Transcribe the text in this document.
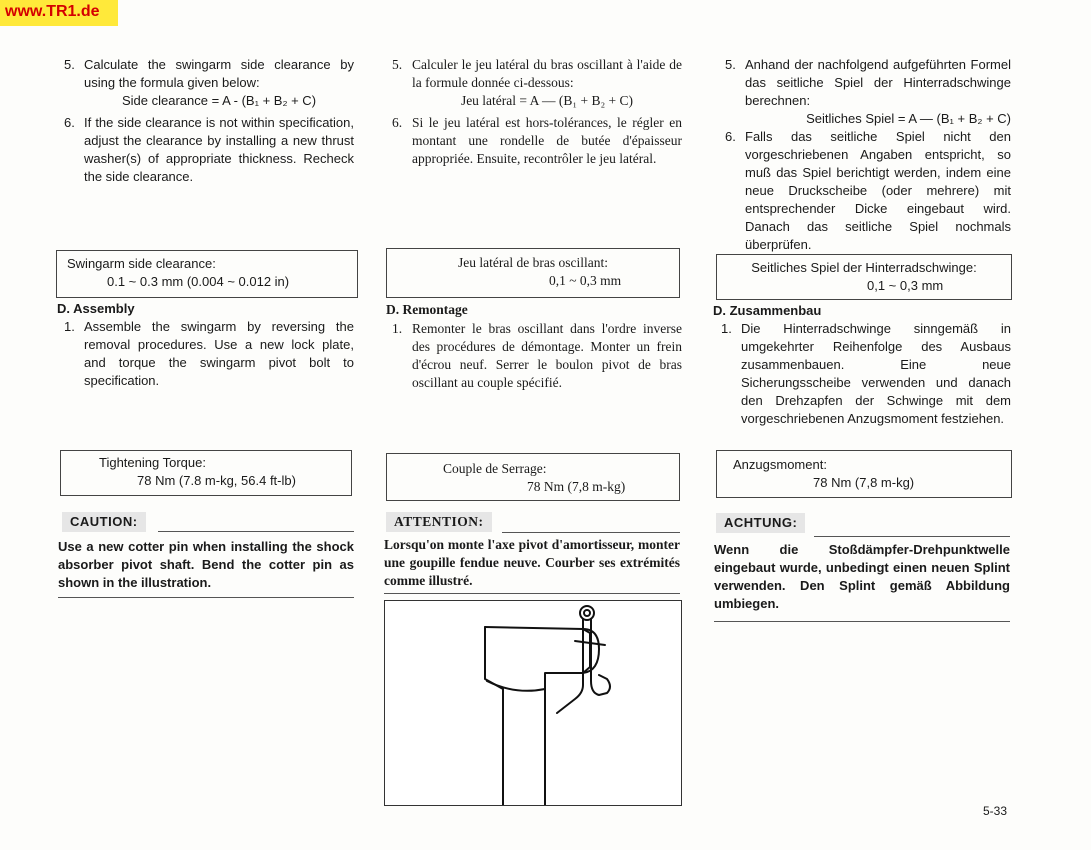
www.TR1.de
5. Calculate the swingarm side clearance by using the formula given below:
Side clearance = A - (B₁ + B₂ + C)
6. If the side clearance is not within specification, adjust the clearance by installing a new thrust washer(s) of appropriate thickness. Recheck the side clearance.

Swingarm side clearance:

0.1 ~ 0.3 mm (0.004 ~ 0.012 in)

D. Assembly
1. Assemble the swingarm by reversing the removal procedures. Use a new lock plate, and torque the swingarm pivot bolt to specification.

Tightening Torque:

78 Nm (7.8 m-kg, 56.4 ft-lb)

CAUTION:
Use a new cotter pin when installing the shock absorber pivot shaft. Bend the cotter pin as shown in the illustration.
5. Calculer le jeu latéral du bras oscillant à l'aide de la formule donnée ci-dessous:
Jeu latéral = A — (B₁ + B₂ + C)
6. Si le jeu latéral est hors-tolérances, le régler en montant une rondelle de butée d'épaisseur appropriée. Ensuite, recontrôler le jeu latéral.

Jeu latéral de bras oscillant:

0,1 ~ 0,3 mm

D. Remontage
1. Remonter le bras oscillant dans l'ordre inverse des procédures de démontage. Monter un frein d'écrou neuf. Serrer le boulon pivot de bras oscillant au couple spécifié.

Couple de Serrage:

78 Nm (7,8 m-kg)

ATTENTION:
Lorsqu'on monte l'axe pivot d'amortisseur, monter une goupille fendue neuve. Courber ses extrémités comme illustré.
5. Anhand der nachfolgend aufgeführten Formel das seitliche Spiel der Hinterradschwinge berechnen:
Seitliches Spiel = A — (B₁ + B₂ + C)
6. Falls das seitliche Spiel nicht den vorgeschriebenen Angaben entspricht, so muß das Spiel berichtigt werden, indem eine neue Druckscheibe (oder mehrere) mit entsprechender Dicke eingebaut wird. Danach das seitliche Spiel nochmals überprüfen.

Seitliches Spiel der Hinterradschwinge:

0,1 ~ 0,3 mm

D. Zusammenbau
1. Die Hinterradschwinge sinngemäß in umgekehrter Reihenfolge des Ausbaus zusammenbauen. Eine neue Sicherungsscheibe verwenden und danach den Drehzapfen der Schwinge mit dem vorgeschriebenen Anzugsmoment festziehen.

Anzugsmoment:

78 Nm (7,8 m-kg)

ACHTUNG:
Wenn die Stoßdämpfer-Drehpunktwelle eingebaut wurde, unbedingt einen neuen Splint verwenden. Den Splint gemäß Abbildung umbiegen.
5-33
